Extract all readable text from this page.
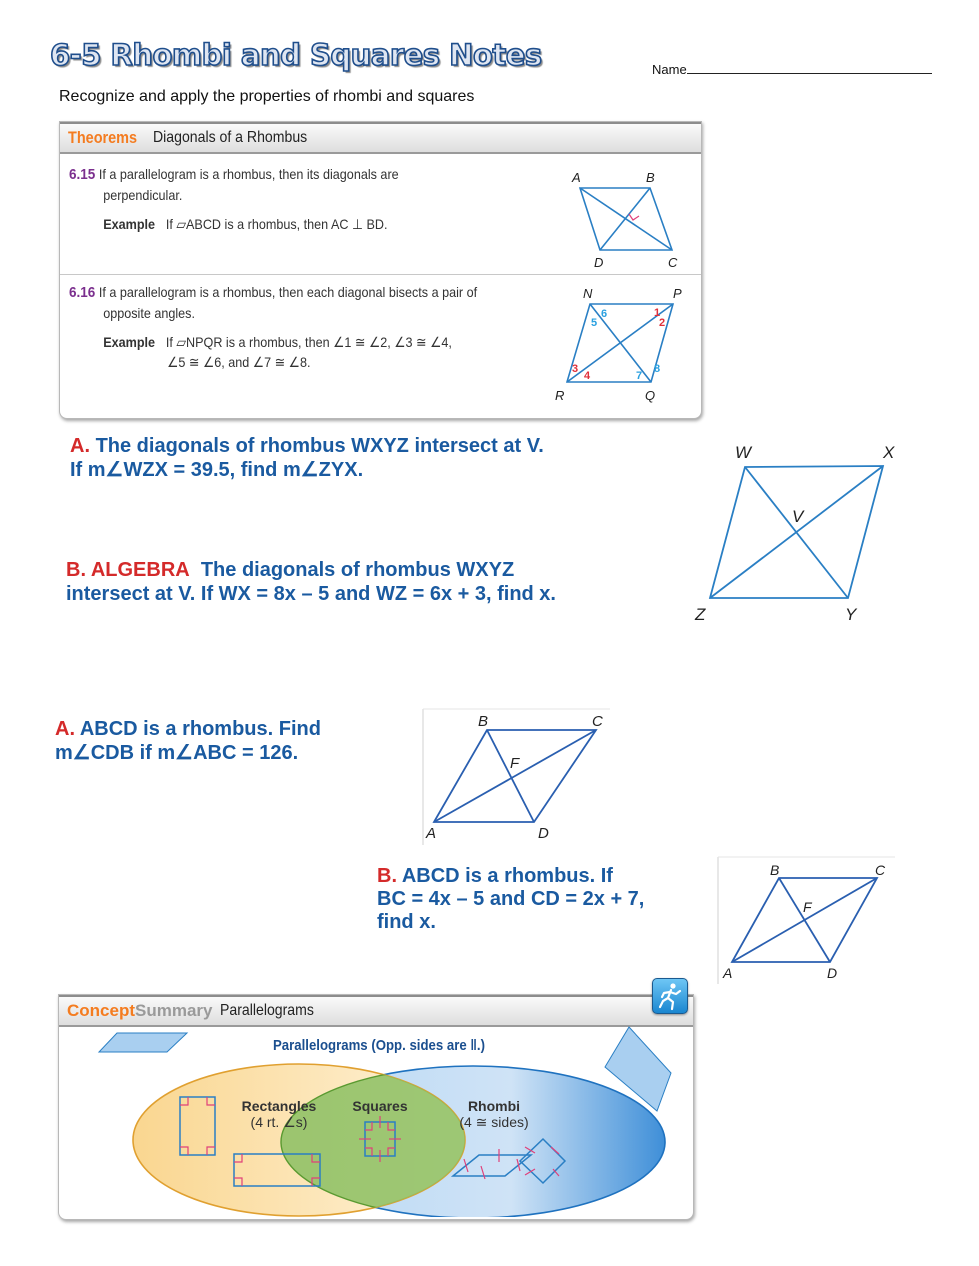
6-5 Rhombi and Squares Notes	Name
Recognize and apply the properties of rhombi and squares
Theorems Diagonals of a Rhombus
6.15 If a parallelogram is a rhombus, then its diagonals are
perpendicular.
Example If ▱ABCD is a rhombus, then AC ⊥ BD.
A	B
C
D
6.16 If a parallelogram is a rhombus, then each diagonal bisects a pair of
opposite angles.
Example If ▱NPQR is a rhombus, then ∠1 ≅ ∠2, ∠3 ≅ ∠4,
∠5 ≅ ∠6, and ∠7 ≅ ∠8.
1
2
3
4
5
6
7
8
N	P
Q
R
A. The diagonals of rhombus WXYZ intersect at V.
If m∠WZX = 39.5, find m∠ZYX.
B. ALGEBRA The diagonals of rhombus WXYZ
intersect at V. If WX = 8x – 5 and WZ = 6x + 3, find x.
W	X
Y
Z
V
A. ABCD is a rhombus. Find
m∠CDB if m∠ABC = 126.
B	C
D
A
F
B. ABCD is a rhombus. If
BC = 4x – 5 and CD = 2x + 7,
find x.
B	C
D
A
F
ConceptSummary Parallelograms
Parallelograms (Opp. sides are ‖.)
Rectangles
(4 rt. ∠s)
Squares	Rhombi
(4 ≅ sides)
